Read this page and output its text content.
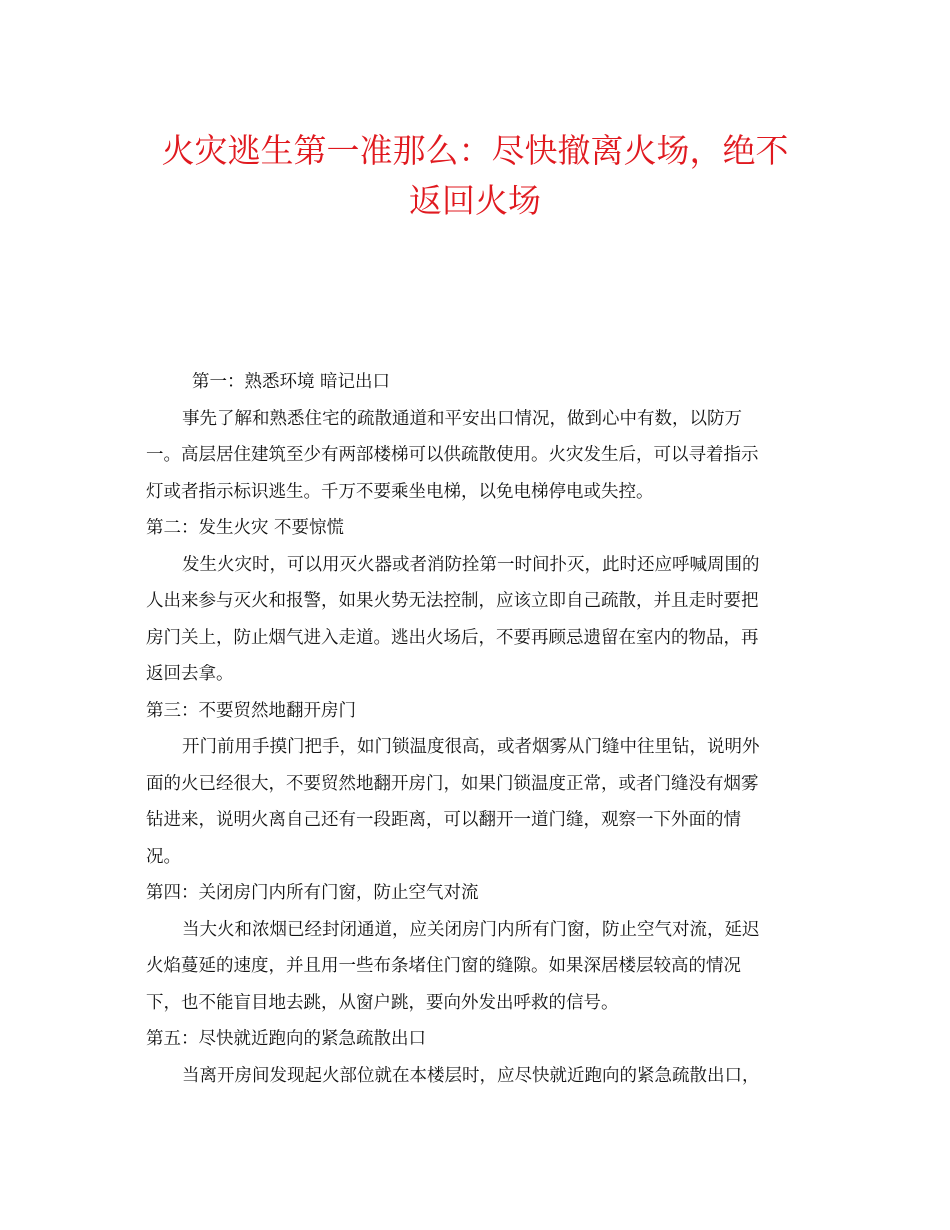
火灾逃生第一准那么：尽快撤离火场，绝不
返回火场

第一：熟悉环境 暗记出口

事先了解和熟悉住宅的疏散通道和平安出口情况，做到心中有数，以防万
一。高层居住建筑至少有两部楼梯可以供疏散使用。火灾发生后，可以寻着指示
灯或者指示标识逃生。千万不要乘坐电梯，以免电梯停电或失控。

第二：发生火灾 不要惊慌

发生火灾时，可以用灭火器或者消防拴第一时间扑灭，此时还应呼喊周围的
人出来参与灭火和报警，如果火势无法控制，应该立即自己疏散，并且走时要把
房门关上，防止烟气进入走道。逃出火场后，不要再顾忌遗留在室内的物品，再
返回去拿。

第三：不要贸然地翻开房门

开门前用手摸门把手，如门锁温度很高，或者烟雾从门缝中往里钻，说明外
面的火已经很大，不要贸然地翻开房门，如果门锁温度正常，或者门缝没有烟雾
钻进来，说明火离自己还有一段距离，可以翻开一道门缝，观察一下外面的情
况。

第四：关闭房门内所有门窗，防止空气对流

当大火和浓烟已经封闭通道，应关闭房门内所有门窗，防止空气对流，延迟
火焰蔓延的速度，并且用一些布条堵住门窗的缝隙。如果深居楼层较高的情况
下，也不能盲目地去跳，从窗户跳，要向外发出呼救的信号。

第五：尽快就近跑向的紧急疏散出口

当离开房间发现起火部位就在本楼层时，应尽快就近跑向的紧急疏散出口，
